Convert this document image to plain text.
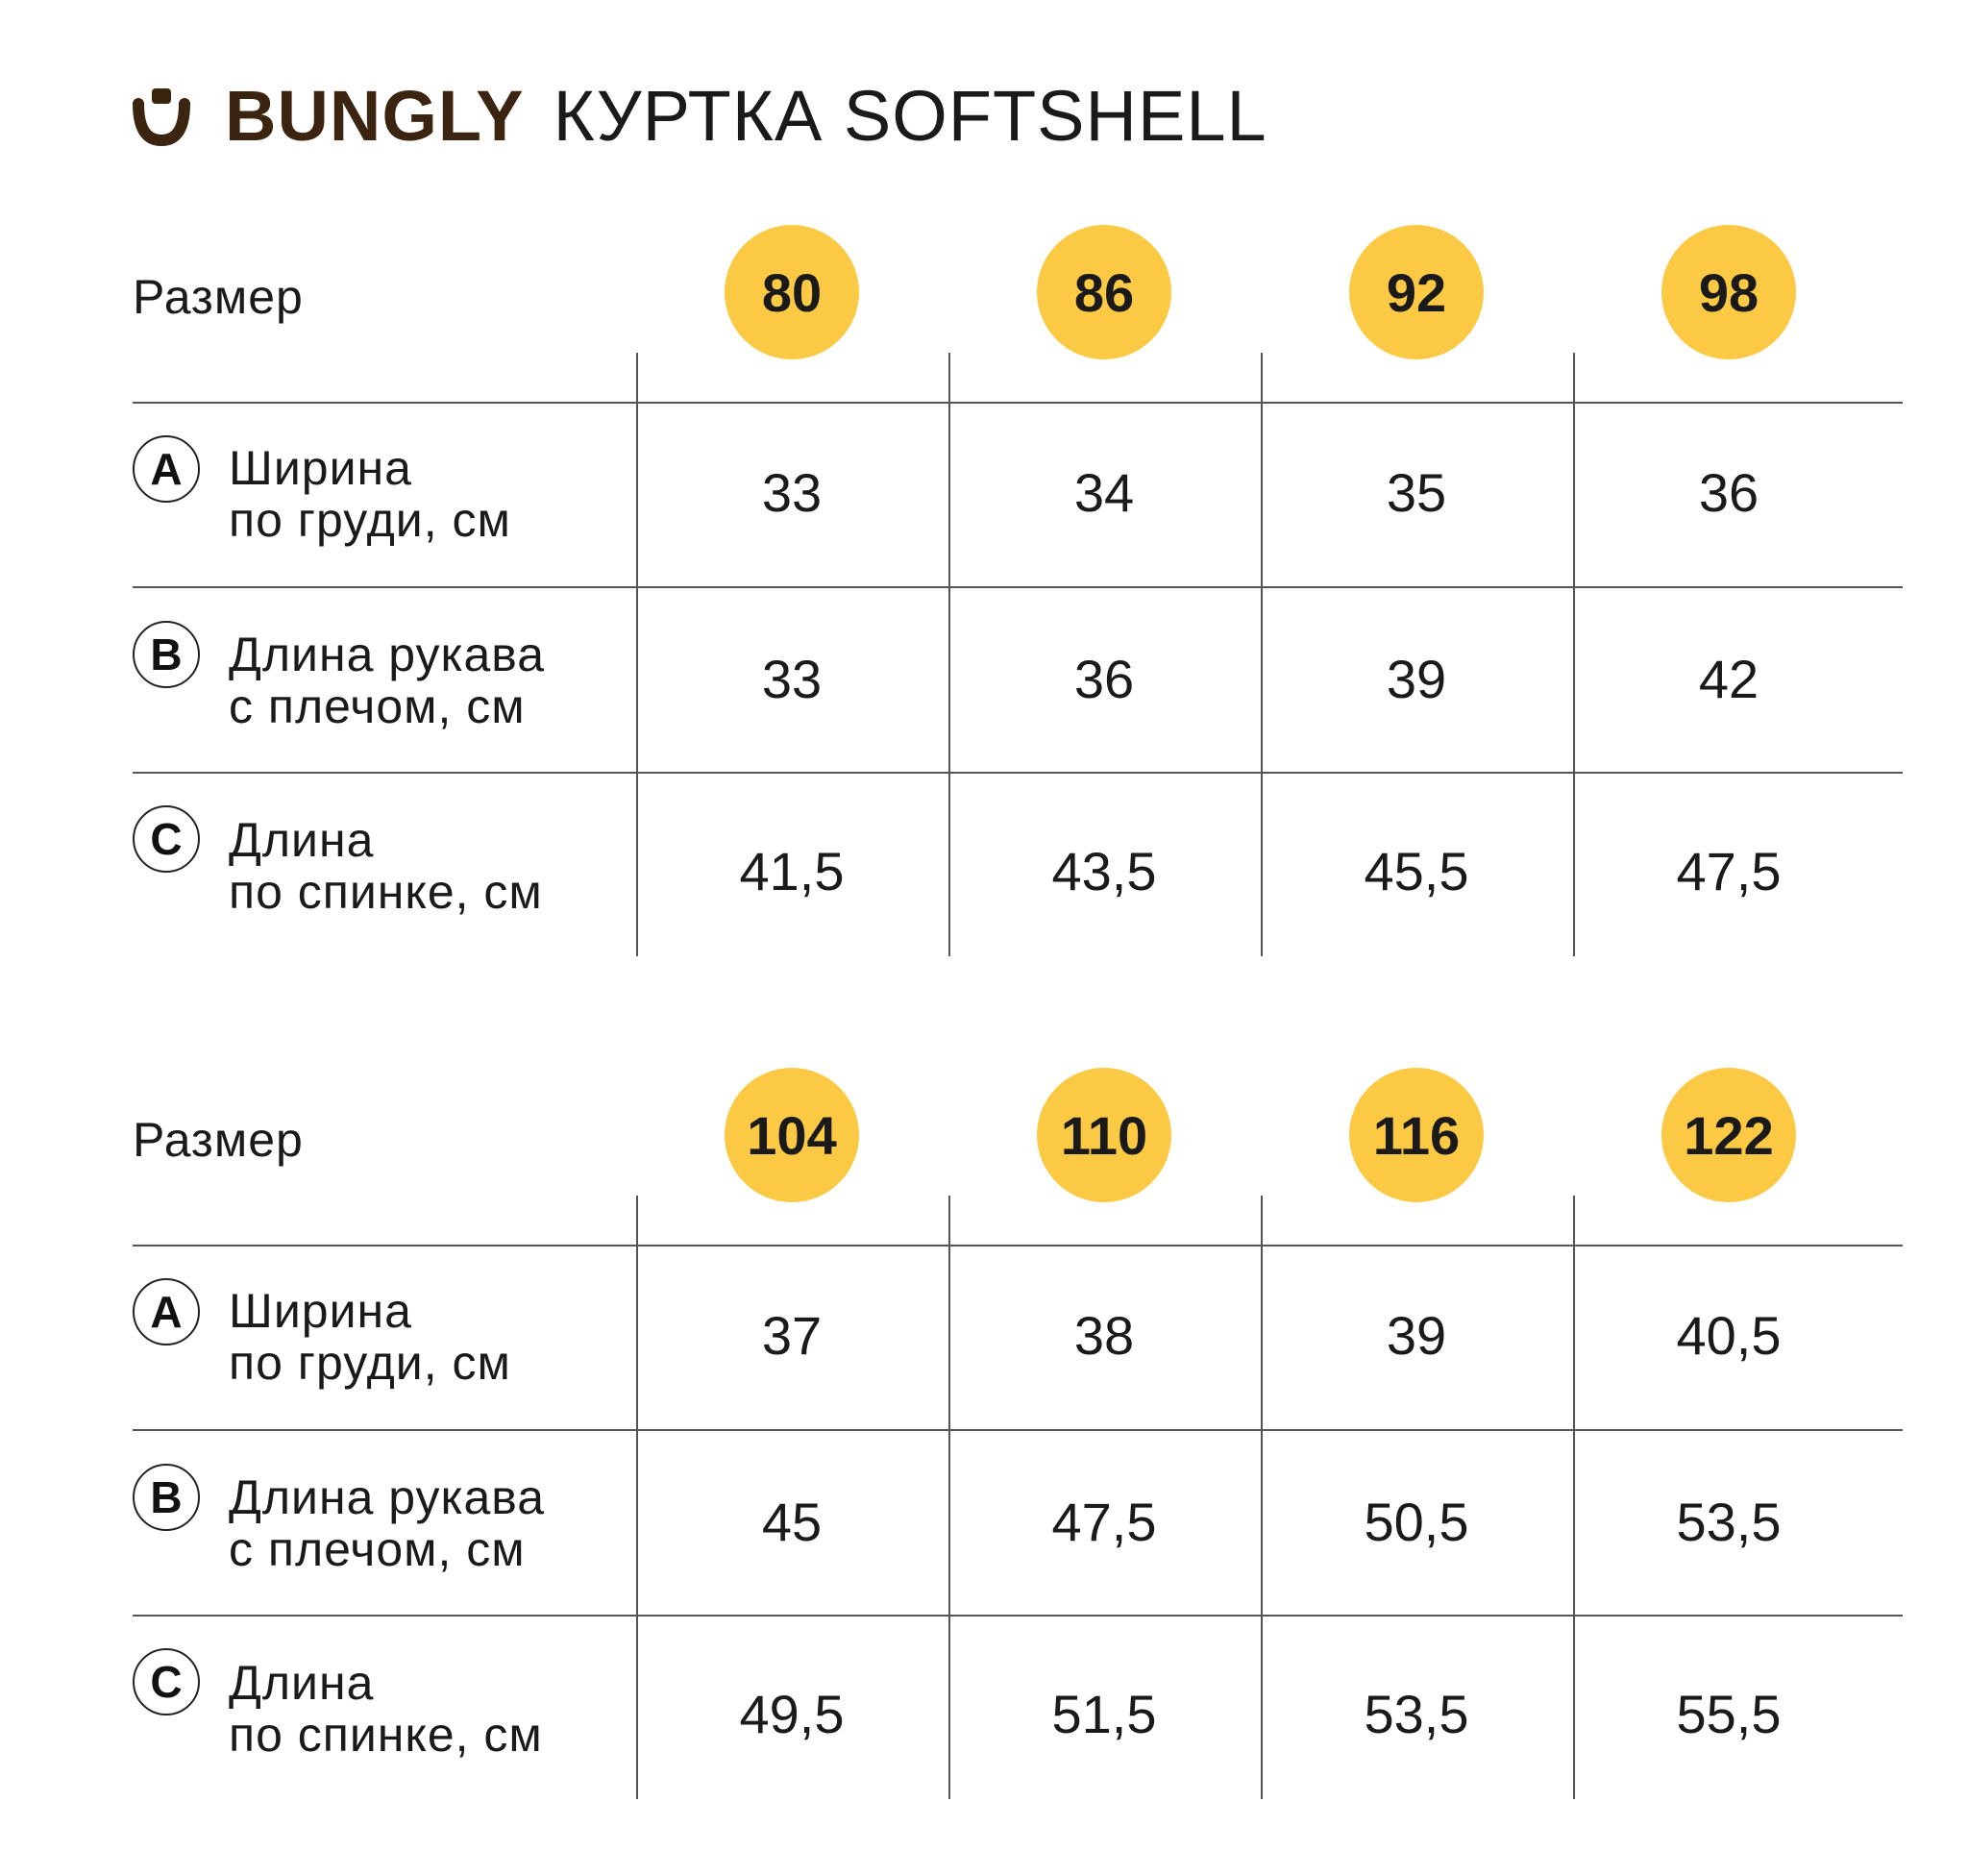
BUNGLY КУРТКА SOFTSHELL
Размер	80	86	92	98
A Ширина
по груди, см	33	34	35	36
B Длина рукава
с плечом, см	33	36	39	42
C Длина
по спинке, см	41,5	43,5	45,5	47,5
Размер	104	110	116	122
A Ширина
по груди, см	37	38	39	40,5
B Длина рукава
с плечом, см	45	47,5	50,5	53,5
C Длина
по спинке, см	49,5	51,5	53,5	55,5
